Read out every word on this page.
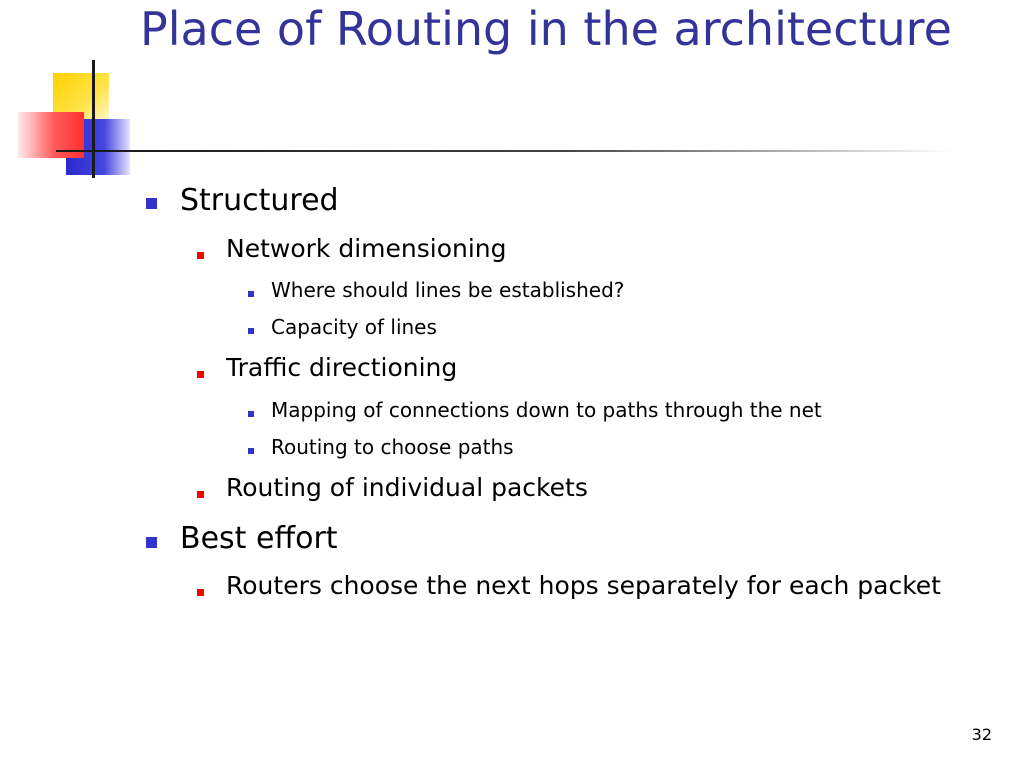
Place of Routing in the architecture
Structured
Network dimensioning
Where should lines be established?
Capacity of lines
Traffic directioning
Mapping of connections down to paths through the net
Routing to choose paths
Routing of individual packets
Best effort
Routers choose the next hops separately for each packet
32
